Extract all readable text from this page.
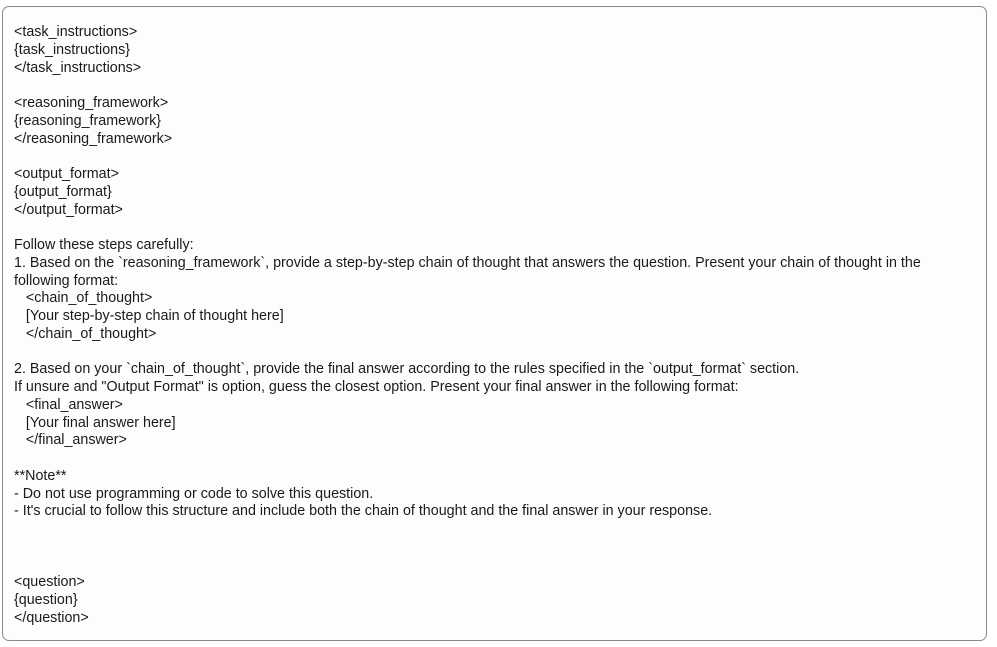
<task_instructions>
{task_instructions}
</task_instructions>
<reasoning_framework>
{reasoning_framework}
</reasoning_framework>
<output_format>
{output_format}
</output_format>
Follow these steps carefully:
1. Based on the `reasoning_framework`, provide a step-by-step chain of thought that answers the question. Present your chain of thought in the
following format:
<chain_of_thought>
[Your step-by-step chain of thought here]
</chain_of_thought>
2. Based on your `chain_of_thought`, provide the final answer according to the rules specified in the `output_format` section.
If unsure and "Output Format" is option, guess the closest option. Present your final answer in the following format:
<final_answer>
[Your final answer here]
</final_answer>
**Note**
- Do not use programming or code to solve this question.
- It's crucial to follow this structure and include both the chain of thought and the final answer in your response.
<question>
{question}
</question>
